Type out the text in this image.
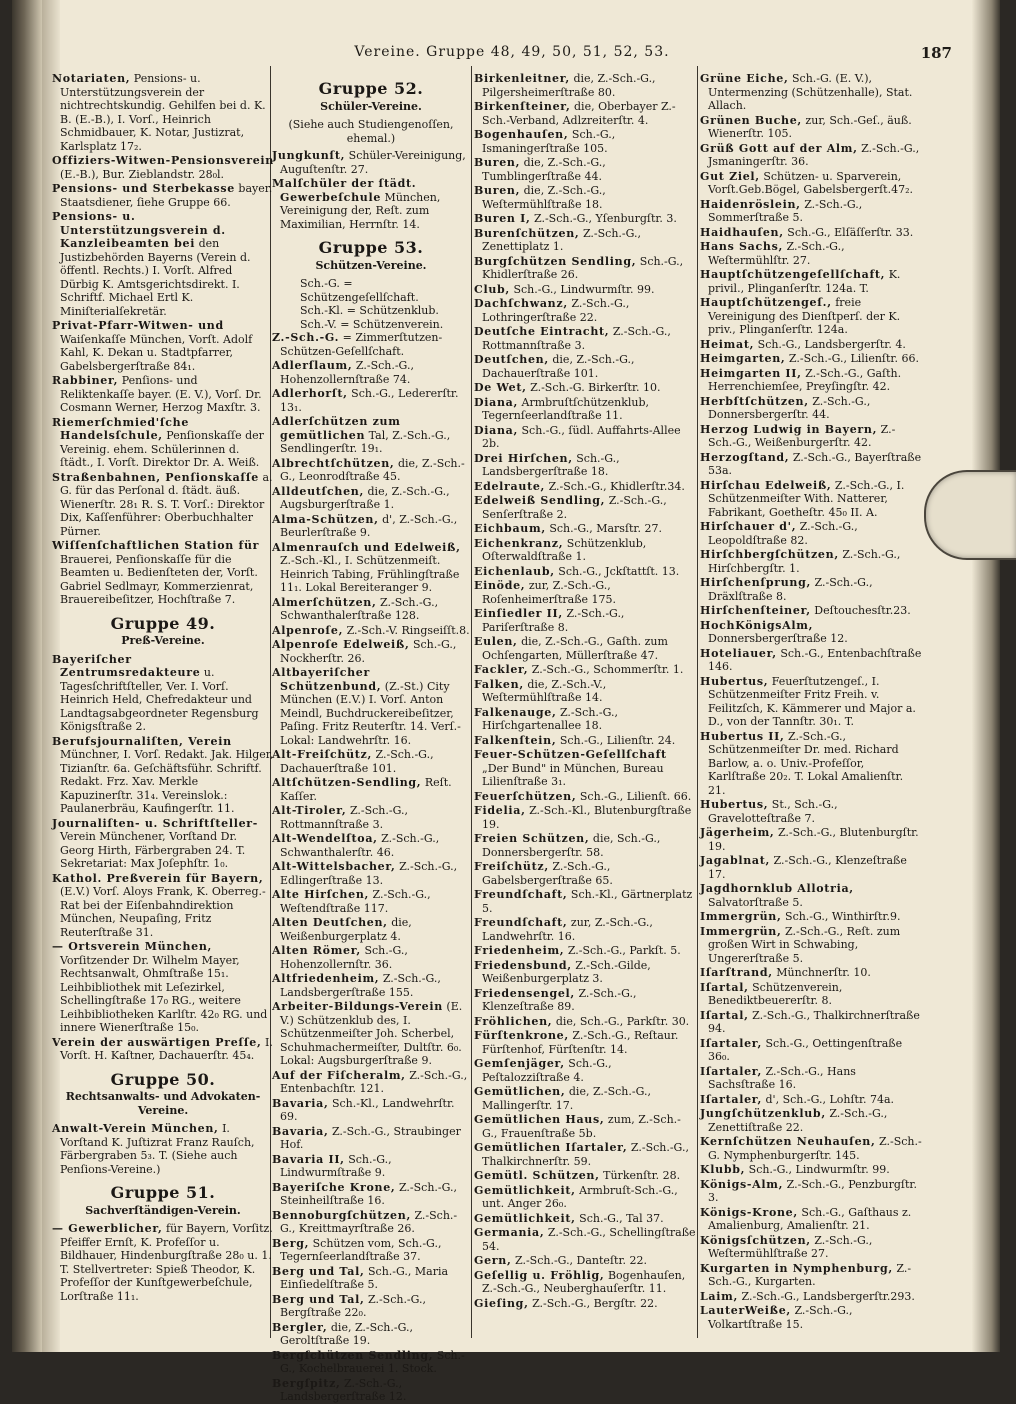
Vereine. Gruppe 48, 49, 50, 51, 52, 53.	187
Notariaten, Pensions- u. Unterstützungsverein der nichtrechtskundig. Gehilfen bei d. K. B. (E.-B.), I. Vorſ., Heinrich Schmidbauer, K. Notar, Justizrat, Karlsplatz 17₂.
Offiziers-Witwen-Pensionsverein (E.-B.), Bur. Zieblandstr. 28₀l.
Pensions- und Sterbekasse bayer. Staatsdiener, ſiehe Gruppe 66.
Pensions- u. Unterstützungsverein d. Kanzleibeamten bei den Justizbehörden Bayerns (Verein d. öffentl. Rechts.) I. Vorſt. Alfred Dürbig K. Amtsgerichtsdirekt. I. Schriftf. Michael Ertl K. Miniſterialſekretär.
Privat-Pfarr-Witwen- und Waiſenkaſſe München, Vorſt. Adolf Kahl, K. Dekan u. Stadtpfarrer, Gabelsbergerſtraße 84₁.
Rabbiner, Penſions- und Reliktenkaſſe bayer. (E. V.), Vorſ. Dr. Cosmann Werner, Herzog Maxſtr. 3.
Riemerſchmied'ſche Handelsſchule, Penſionskaſſe der Vereinig. ehem. Schülerinnen d. ſtädt., I. Vorſt. Direktor Dr. A. Weiß.
Straßenbahnen, Penſionskaſſe a. G. für das Perſonal d. ſtädt. äuß. Wienerſtr. 28₁ R. S. T. Vorſ.: Direktor Dix, Kaſſenführer: Oberbuchhalter Pürner.
Wiſſenſchaftlichen Station für Brauerei, Penſionskaſſe für die Beamten u. Bedienſteten der, Vorſt. Gabriel Sedlmayr, Kommerzienrat, Brauereibeſitzer, Hochſtraße 7.
Gruppe 49.
Preß-Vereine.
Bayeriſcher Zentrumsredakteure u. Tagesſchriftſteller, Ver. I. Vorſ. Heinrich Held, Chefredakteur und Landtagsabgeordneter Regensburg Königsſtraße 2.
Berufsjournaliſten, Verein Münchner, I. Vorſ. Redakt. Jak. Hilger, Tizianſtr. 6a. Geſchäftsführ. Schriftf. Redakt. Frz. Xav. Merkle Kapuzinerſtr. 31₄. Vereinslok.: Paulanerbräu, Kaufingerſtr. 11.
Journaliſten- u. Schriftſteller- Verein Münchener, Vorſtand Dr. Georg Hirth, Färbergraben 24. T. Sekretariat: Max Joſephſtr. 1₀.
Kathol. Preßverein für Bayern, (E.V.) Vorſ. Aloys Frank, K. Oberreg.-Rat bei der Eiſenbahndirektion München, Neupaſing, Fritz Reuterſtraße 31.
— Ortsverein München, Vorſitzender Dr. Wilhelm Mayer, Rechtsanwalt, Ohmſtraße 15₁. Leihbibliothek mit Leſezirkel, Schellingſtraße 17₀ RG., weitere Leihbibliotheken Karlſtr. 42₀ RG. und innere Wienerſtraße 15₀.
Verein der auswärtigen Preſſe, I. Vorſt. H. Kaſtner, Dachauerſtr. 45₄.
Gruppe 50.
Rechtsanwalts- und Advokaten-Vereine.
Anwalt-Verein München, I. Vorſtand K. Juſtizrat Franz Rauſch, Färbergraben 5₃. T. (Siehe auch Penſions-Vereine.)
Gruppe 51.
Sachverſtändigen-Verein.
— Gewerblicher, für Bayern, Vorſitz. Pfeiffer Ernſt, K. Profeſſor u. Bildhauer, Hindenburgſtraße 28₀ u. 1. T. Stellvertreter: Spieß Theodor, K. Profeſſor der Kunſtgewerbeſchule, Lorſtraße 11₁.
Gruppe 52.
Schüler-Vereine.
(Siehe auch Studiengenoſſen, ehemal.)
Jungkunſt, Schüler-Vereinigung, Auguſtenſtr. 27.
Malſchüler der ſtädt. Gewerbeſchule München, Vereinigung der, Reſt. zum Maximilian, Herrnſtr. 14.
Gruppe 53.
Schützen-Vereine.
Sch.-G. = Schützengeſellſchaft.
Sch.-Kl. = Schützenklub.
Sch.-V. = Schützenverein.
Z.-Sch.-G. = Zimmerſtutzen-Schützen-Geſellſchaft.
Adlerſlaum, Z.-Sch.-G., Hohenzollernſtraße 74.
Adlerhorſt, Sch.-G., Ledererſtr. 13₁.
Adlerſchützen zum gemütlichen Tal, Z.-Sch.-G., Sendlingerſtr. 19₁.
Albrechtſchützen, die, Z.-Sch.-G., Leonrodſtraße 45.
Alldeutſchen, die, Z.-Sch.-G., Augsburgerſtraße 1.
Alma-Schützen, d', Z.-Sch.-G., Beurlerſtraße 9.
Almenrauſch und Edelweiß, Z.-Sch.-Kl., I. Schützenmeiſt. Heinrich Tabing, Frühlingſtraße 11₁. Lokal Bereiteranger 9.
Almerſchützen, Z.-Sch.-G., Schwanthalerſtraße 128.
Alpenroſe, Z.-Sch.-V. Ringseiſſt.8.
Alpenroſe Edelweiß, Sch.-G., Nockherſtr. 26.
Altbayeriſcher Schützenbund, (Z.-St.) City München (E.V.) I. Vorſ. Anton Meindl, Buchdruckereibeſitzer, Paſing. Fritz Reuterſtr. 14. Verſ.-Lokal: Landwehrſtr. 16.
Alt-Freiſchütz, Z.-Sch.-G., Dachauerſtraße 101.
Altſchützen-Sendling, Reſt. Kaſſer.
Alt-Tiroler, Z.-Sch.-G., Rottmannſtraße 3.
Alt-Wendelſtoa, Z.-Sch.-G., Schwanthalerſtr. 46.
Alt-Wittelsbacher, Z.-Sch.-G., Edlingerſtraße 13.
Alte Hirſchen, Z.-Sch.-G., Weſtendſtraße 117.
Alten Deutſchen, die, Weißenburgerplatz 4.
Alten Römer, Sch.-G., Hohenzollernſtr. 36.
Altfriedenheim, Z.-Sch.-G., Landsbergerſtraße 155.
Arbeiter-Bildungs-Verein (E. V.) Schützenklub des, I. Schützenmeiſter Joh. Scherbel, Schuhmachermeiſter, Dultſtr. 6₀. Lokal: Augsburgerſtraße 9.
Auf der Fiſcheralm, Z.-Sch.-G., Entenbachſtr. 121.
Bavaria, Sch.-Kl., Landwehrſtr. 69.
Bavaria, Z.-Sch.-G., Straubinger Hof.
Bavaria II, Sch.-G., Lindwurmſtraße 9.
Bayeriſche Krone, Z.-Sch.-G., Steinheilſtraße 16.
Bennoburgſchützen, Z.-Sch.-G., Kreittmayrſtraße 26.
Berg, Schützen vom, Sch.-G., Tegernſeerlandſtraße 37.
Berg und Tal, Sch.-G., Maria Einſiedelſtraße 5.
Berg und Tal, Z.-Sch.-G., Bergſtraße 22₀.
Bergler, die, Z.-Sch.-G., Geroltſtraße 19.
Bergſchützen Sendling, Sch.-G., Kochelbrauerei 1. Stock.
Bergſpitz, Z.-Sch.-G., Landsbergerſtraße 12.
Birkenleitner, die, Z.-Sch.-G., Pilgersheimerſtraße 80.
Birkenſteiner, die, Oberbayer Z.-Sch.-Verband, Adlzreiterſtr. 4.
Bogenhauſen, Sch.-G., Ismaningerſtraße 105.
Buren, die, Z.-Sch.-G., Tumblingerſtraße 44.
Buren, die, Z.-Sch.-G., Weſtermühlſtraße 18.
Buren I, Z.-Sch.-G., Yſenburgſtr. 3.
Burenſchützen, Z.-Sch.-G., Zenettiplatz 1.
Burgſchützen Sendling, Sch.-G., Khidlerſtraße 26.
Club, Sch.-G., Lindwurmſtr. 99.
Dachſchwanz, Z.-Sch.-G., Lothringerſtraße 22.
Deutſche Eintracht, Z.-Sch.-G., Rottmannſtraße 3.
Deutſchen, die, Z.-Sch.-G., Dachauerſtraße 101.
De Wet, Z.-Sch.-G. Birkerſtr. 10.
Diana, Armbruſtſchützenklub, Tegernſeerlandſtraße 11.
Diana, Sch.-G., ſüdl. Auffahrts-Allee 2b.
Drei Hirſchen, Sch.-G., Landsbergerſtraße 18.
Edelraute, Z.-Sch.-G., Khidlerſtr.34.
Edelweiß Sendling, Z.-Sch.-G., Senſerſtraße 2.
Eichbaum, Sch.-G., Marsſtr. 27.
Eichenkranz, Schützenklub, Oſterwaldſtraße 1.
Eichenlaub, Sch.-G., Jckſtattſt. 13.
Einöde, zur, Z.-Sch.-G., Roſenheimerſtraße 175.
Einſiedler II, Z.-Sch.-G., Pariſerſtraße 8.
Eulen, die, Z.-Sch.-G., Gaſth. zum Ochſengarten, Müllerſtraße 47.
Fackler, Z.-Sch.-G., Schommerſtr. 1.
Falken, die, Z.-Sch.-V., Weſtermühlſtraße 14.
Falkenauge, Z.-Sch.-G., Hirſchgartenallee 18.
Falkenſtein, Sch.-G., Lilienſtr. 24.
Feuer-Schützen-Geſellſchaft „Der Bund" in München, Bureau Lilienſtraße 3₁.
Feuerſchützen, Sch.-G., Lilienſt. 66.
Fidelia, Z.-Sch.-Kl., Blutenburgſtraße 19.
Freien Schützen, die, Sch.-G., Donnersbergerſtr. 58.
Freiſchütz, Z.-Sch.-G., Gabelsbergerſtraße 65.
Freundſchaft, Sch.-Kl., Gärtnerplatz 5.
Freundſchaft, zur, Z.-Sch.-G., Landwehrſtr. 16.
Friedenheim, Z.-Sch.-G., Parkſt. 5.
Friedensbund, Z.-Sch.-Gilde, Weißenburgerplatz 3.
Friedensengel, Z.-Sch.-G., Klenzeſtraße 89.
Fröhlichen, die, Sch.-G., Parkſtr. 30.
Fürſtenkrone, Z.-Sch.-G., Reſtaur. Fürſtenhof, Fürſtenſtr. 14.
Gemſenjäger, Sch.-G., Peſtalozziſtraße 4.
Gemütlichen, die, Z.-Sch.-G., Mallingerſtr. 17.
Gemütlichen Haus, zum, Z.-Sch.-G., Frauenſtraße 5b.
Gemütlichen Iſartaler, Z.-Sch.-G., Thalkirchnerſtr. 59.
Gemütl. Schützen, Türkenſtr. 28.
Gemütlichkeit, Armbruſt-Sch.-G., unt. Anger 26₀.
Gemütlichkeit, Sch.-G., Tal 37.
Germania, Z.-Sch.-G., Schellingſtraße 54.
Gern, Z.-Sch.-G., Danteſtr. 22.
Geſellig u. Fröhlig, Bogenhauſen, Z.-Sch.-G., Neuberghauſerſtr. 11.
Gieſing, Z.-Sch.-G., Bergſtr. 22.
Grüne Eiche, Sch.-G. (E. V.), Untermenzing (Schützenhalle), Stat. Allach.
Grünen Buche, zur, Sch.-Geſ., äuß. Wienerſtr. 105.
Grüß Gott auf der Alm, Z.-Sch.-G., Jsmaningerſtr. 36.
Gut Ziel, Schützen- u. Sparverein, Vorſt.Geb.Bögel, Gabelsbergerſt.47₂.
Haidenröslein, Z.-Sch.-G., Sommerſtraße 5.
Haidhauſen, Sch.-G., Elſäſſerſtr. 33.
Hans Sachs, Z.-Sch.-G., Weſtermühlſtr. 27.
Hauptſchützengeſellſchaft, K. privil., Plinganſerſtr. 124a. T.
Hauptſchützengeſ., freie Vereinigung des Dienſtperſ. der K. priv., Plinganſerſtr. 124a.
Heimat, Sch.-G., Landsbergerſtr. 4.
Heimgarten, Z.-Sch.-G., Lilienſtr. 66.
Heimgarten II, Z.-Sch.-G., Gaſth. Herrenchiemſee, Preyſingſtr. 42.
Herbſtſchützen, Z.-Sch.-G., Donnersbergerſtr. 44.
Herzog Ludwig in Bayern, Z.-Sch.-G., Weißenburgerſtr. 42.
Herzogſtand, Z.-Sch.-G., Bayerſtraße 53a.
Hirſchau Edelweiß, Z.-Sch.-G., I. Schützenmeiſter With. Natterer, Fabrikant, Goetheſtr. 45₀ II. A.
Hirſchauer d', Z.-Sch.-G., Leopoldſtraße 82.
Hirſchbergſchützen, Z.-Sch.-G., Hirſchbergſtr. 1.
Hirſchenſprung, Z.-Sch.-G., Dräxlſtraße 8.
Hirſchenſteiner, Deſtouchesſtr.23.
HochKönigsAlm, Donnersbergerſtraße 12.
Hoteliauer, Sch.-G., Entenbachſtraße 146.
Hubertus, Feuerſtutzengeſ., I. Schützenmeiſter Fritz Freih. v. Feilitzſch, K. Kämmerer und Major a. D., von der Tannſtr. 30₁. T.
Hubertus II, Z.-Sch.-G., Schützenmeiſter Dr. med. Richard Barlow, a. o. Univ.-Profeſſor, Karlſtraße 20₂. T. Lokal Amalienſtr. 21.
Hubertus, St., Sch.-G., Gravelotteſtraße 7.
Jägerheim, Z.-Sch.-G., Blutenburgſtr. 19.
Jagablnat, Z.-Sch.-G., Klenzeſtraße 17.
Jagdhornklub Allotria, Salvatorſtraße 5.
Immergrün, Sch.-G., Winthirſtr.9.
Immergrün, Z.-Sch.-G., Reſt. zum großen Wirt in Schwabing, Ungererſtraße 5.
Iſarſtrand, Münchnerſtr. 10.
Iſartal, Schützenverein, Benediktbeuererſtr. 8.
Iſartal, Z.-Sch.-G., Thalkirchnerſtraße 94.
Iſartaler, Sch.-G., Oettingenſtraße 36₀.
Iſartaler, Z.-Sch.-G., Hans Sachsſtraße 16.
Iſartaler, d', Sch.-G., Lohſtr. 74a.
Jungſchützenklub, Z.-Sch.-G., Zenettiſtraße 22.
Kernſchützen Neuhauſen, Z.-Sch.-G. Nymphenburgerſtr. 145.
Klubb, Sch.-G., Lindwurmſtr. 99.
Königs-Alm, Z.-Sch.-G., Penzburgſtr. 3.
Königs-Krone, Sch.-G., Gaſthaus z. Amalienburg, Amalienſtr. 21.
Königsſchützen, Z.-Sch.-G., Weſtermühlſtraße 27.
Kurgarten in Nymphenburg, Z.-Sch.-G., Kurgarten.
Laim, Z.-Sch.-G., Landsbergerſtr.293.
LauterWeiße, Z.-Sch.-G., Volkartſtraße 15.
